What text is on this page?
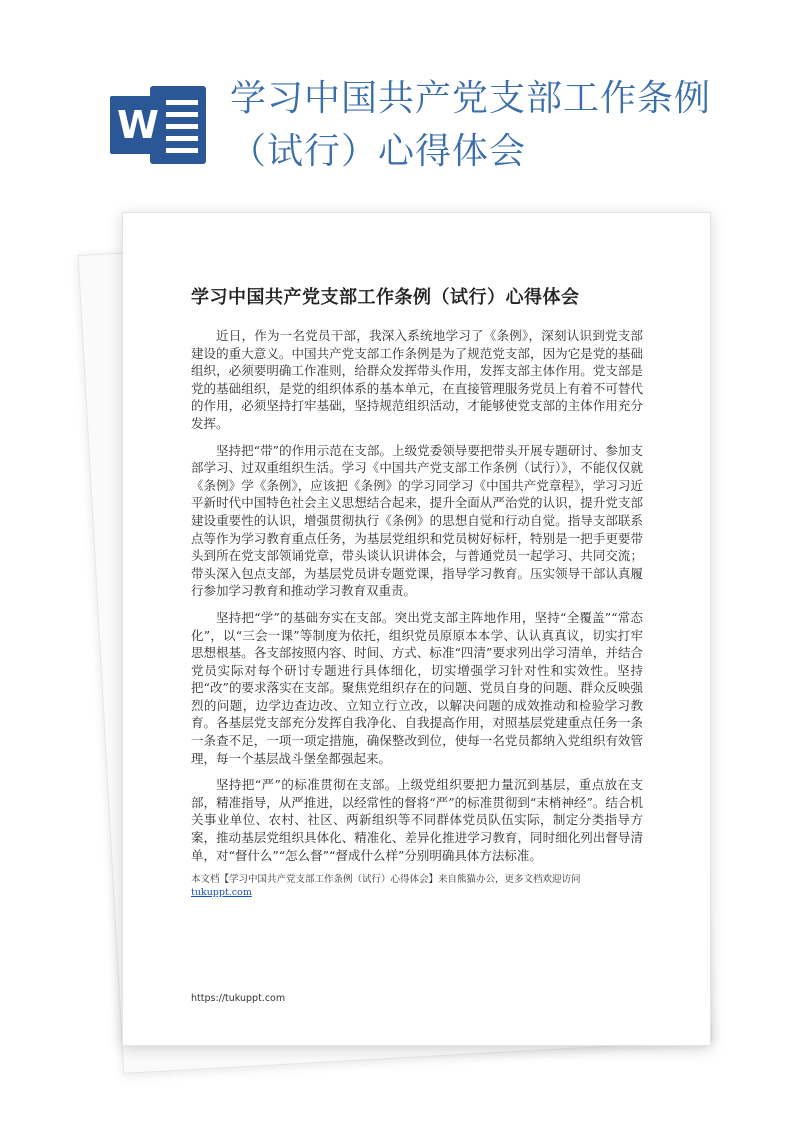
W
学习中国共产党支部工作条例（试行）心得体会
学习中国共产党支部工作条例（试行）心得体会

近日，作为一名党员干部，我深入系统地学习了《条例》，深刻认识到党支部建设的重大意义。中国共产党支部工作条例是为了规范党支部，因为它是党的基础组织，必须要明确工作准则，给群众发挥带头作用，发挥支部主体作用。党支部是党的基础组织，是党的组织体系的基本单元，在直接管理服务党员上有着不可替代的作用，必须坚持打牢基础，坚持规范组织活动，才能够使党支部的主体作用充分发挥。

坚持把“带”的作用示范在支部。上级党委领导要把带头开展专题研讨、参加支部学习、过双重组织生活。学习《中国共产党支部工作条例（试行）》，不能仅仅就《条例》学《条例》，应该把《条例》的学习同学习《中国共产党章程》，学习习近平新时代中国特色社会主义思想结合起来，提升全面从严治党的认识，提升党支部建设重要性的认识，增强贯彻执行《条例》的思想自觉和行动自觉。指导支部联系点等作为学习教育重点任务，为基层党组织和党员树好标杆，特别是一把手更要带头到所在党支部领诵党章，带头谈认识讲体会，与普通党员一起学习、共同交流；带头深入包点支部，为基层党员讲专题党课，指导学习教育。压实领导干部认真履行参加学习教育和推动学习教育双重责。

坚持把“学”的基础夯实在支部。突出党支部主阵地作用，坚持“全覆盖”“常态化”，以“三会一课”等制度为依托，组织党员原原本本学、认认真真议，切实打牢思想根基。各支部按照内容、时间、方式、标准“四清”要求列出学习清单，并结合党员实际对每个研讨专题进行具体细化，切实增强学习针对性和实效性。坚持把“改”的要求落实在支部。聚焦党组织存在的问题、党员自身的问题、群众反映强烈的问题，边学边查边改、立知立行立改，以解决问题的成效推动和检验学习教育。各基层党支部充分发挥自我净化、自我提高作用，对照基层党建重点任务一条一条查不足，一项一项定措施，确保整改到位，使每一名党员都纳入党组织有效管理，每一个基层战斗堡垒都强起来。

坚持把“严”的标准贯彻在支部。上级党组织要把力量沉到基层，重点放在支部，精准指导，从严推进，以经常性的督将“严”的标准贯彻到“末梢神经”。结合机关事业单位、农村、社区、两新组织等不同群体党员队伍实际，制定分类指导方案，推动基层党组织具体化、精准化、差异化推进学习教育，同时细化列出督导清单，对“督什么”“怎么督”“督成什么样”分别明确具体方法标准。

本文档【学习中国共产党支部工作条例（试行）心得体会】来自熊猫办公，更多文档欢迎访问
tukuppt.com
https://tukuppt.com
